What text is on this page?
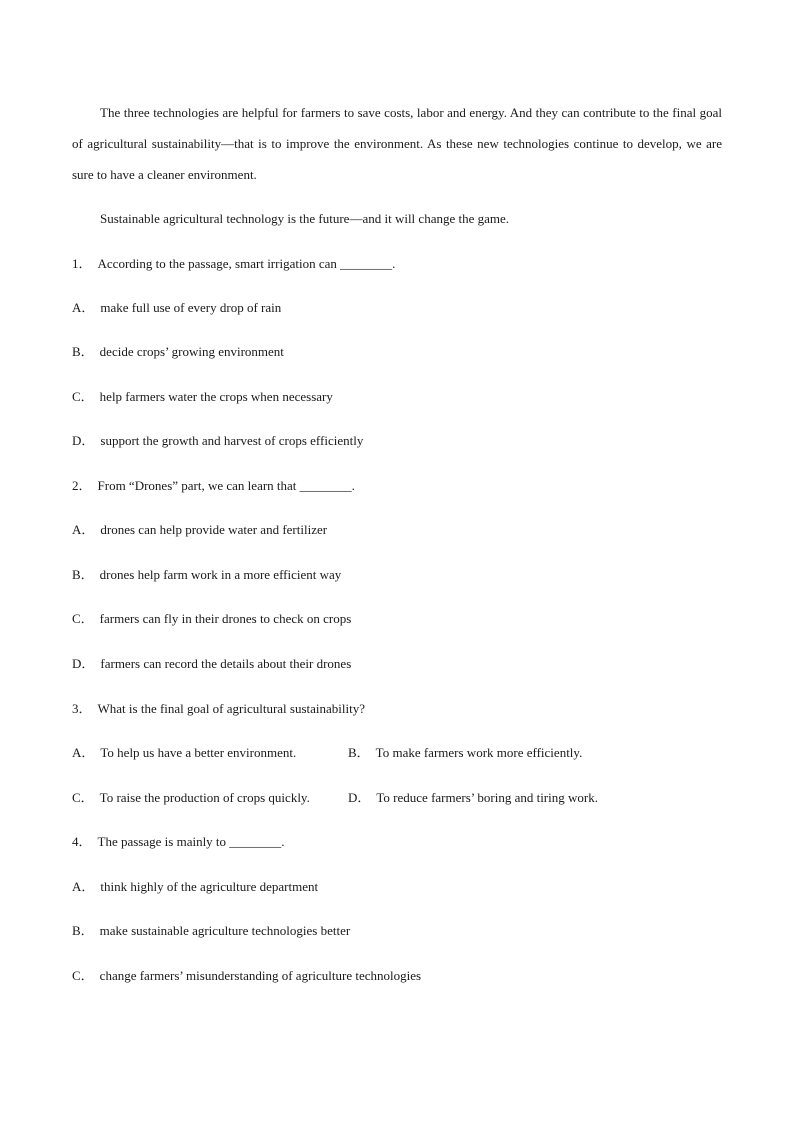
The three technologies are helpful for farmers to save costs, labor and energy. And they can contribute to the final goal of agricultural sustainability—that is to improve the environment. As these new technologies continue to develop, we are sure to have a cleaner environment.

Sustainable agricultural technology is the future—and it will change the game.

1． According to the passage, smart irrigation can ________.
A． make full use of every drop of rain
B． decide crops’ growing environment
C． help farmers water the crops when necessary
D． support the growth and harvest of crops efficiently
2． From “Drones” part, we can learn that ________.
A． drones can help provide water and fertilizer
B． drones help farm work in a more efficient way
C． farmers can fly in their drones to check on crops
D． farmers can record the details about their drones
3． What is the final goal of agricultural sustainability?
A． To help us have a better environment.	B． To make farmers work more efficiently.
C． To raise the production of crops quickly.	D． To reduce farmers’ boring and tiring work.
4． The passage is mainly to ________.
A． think highly of the agriculture department
B． make sustainable agriculture technologies better
C． change farmers’ misunderstanding of agriculture technologies
